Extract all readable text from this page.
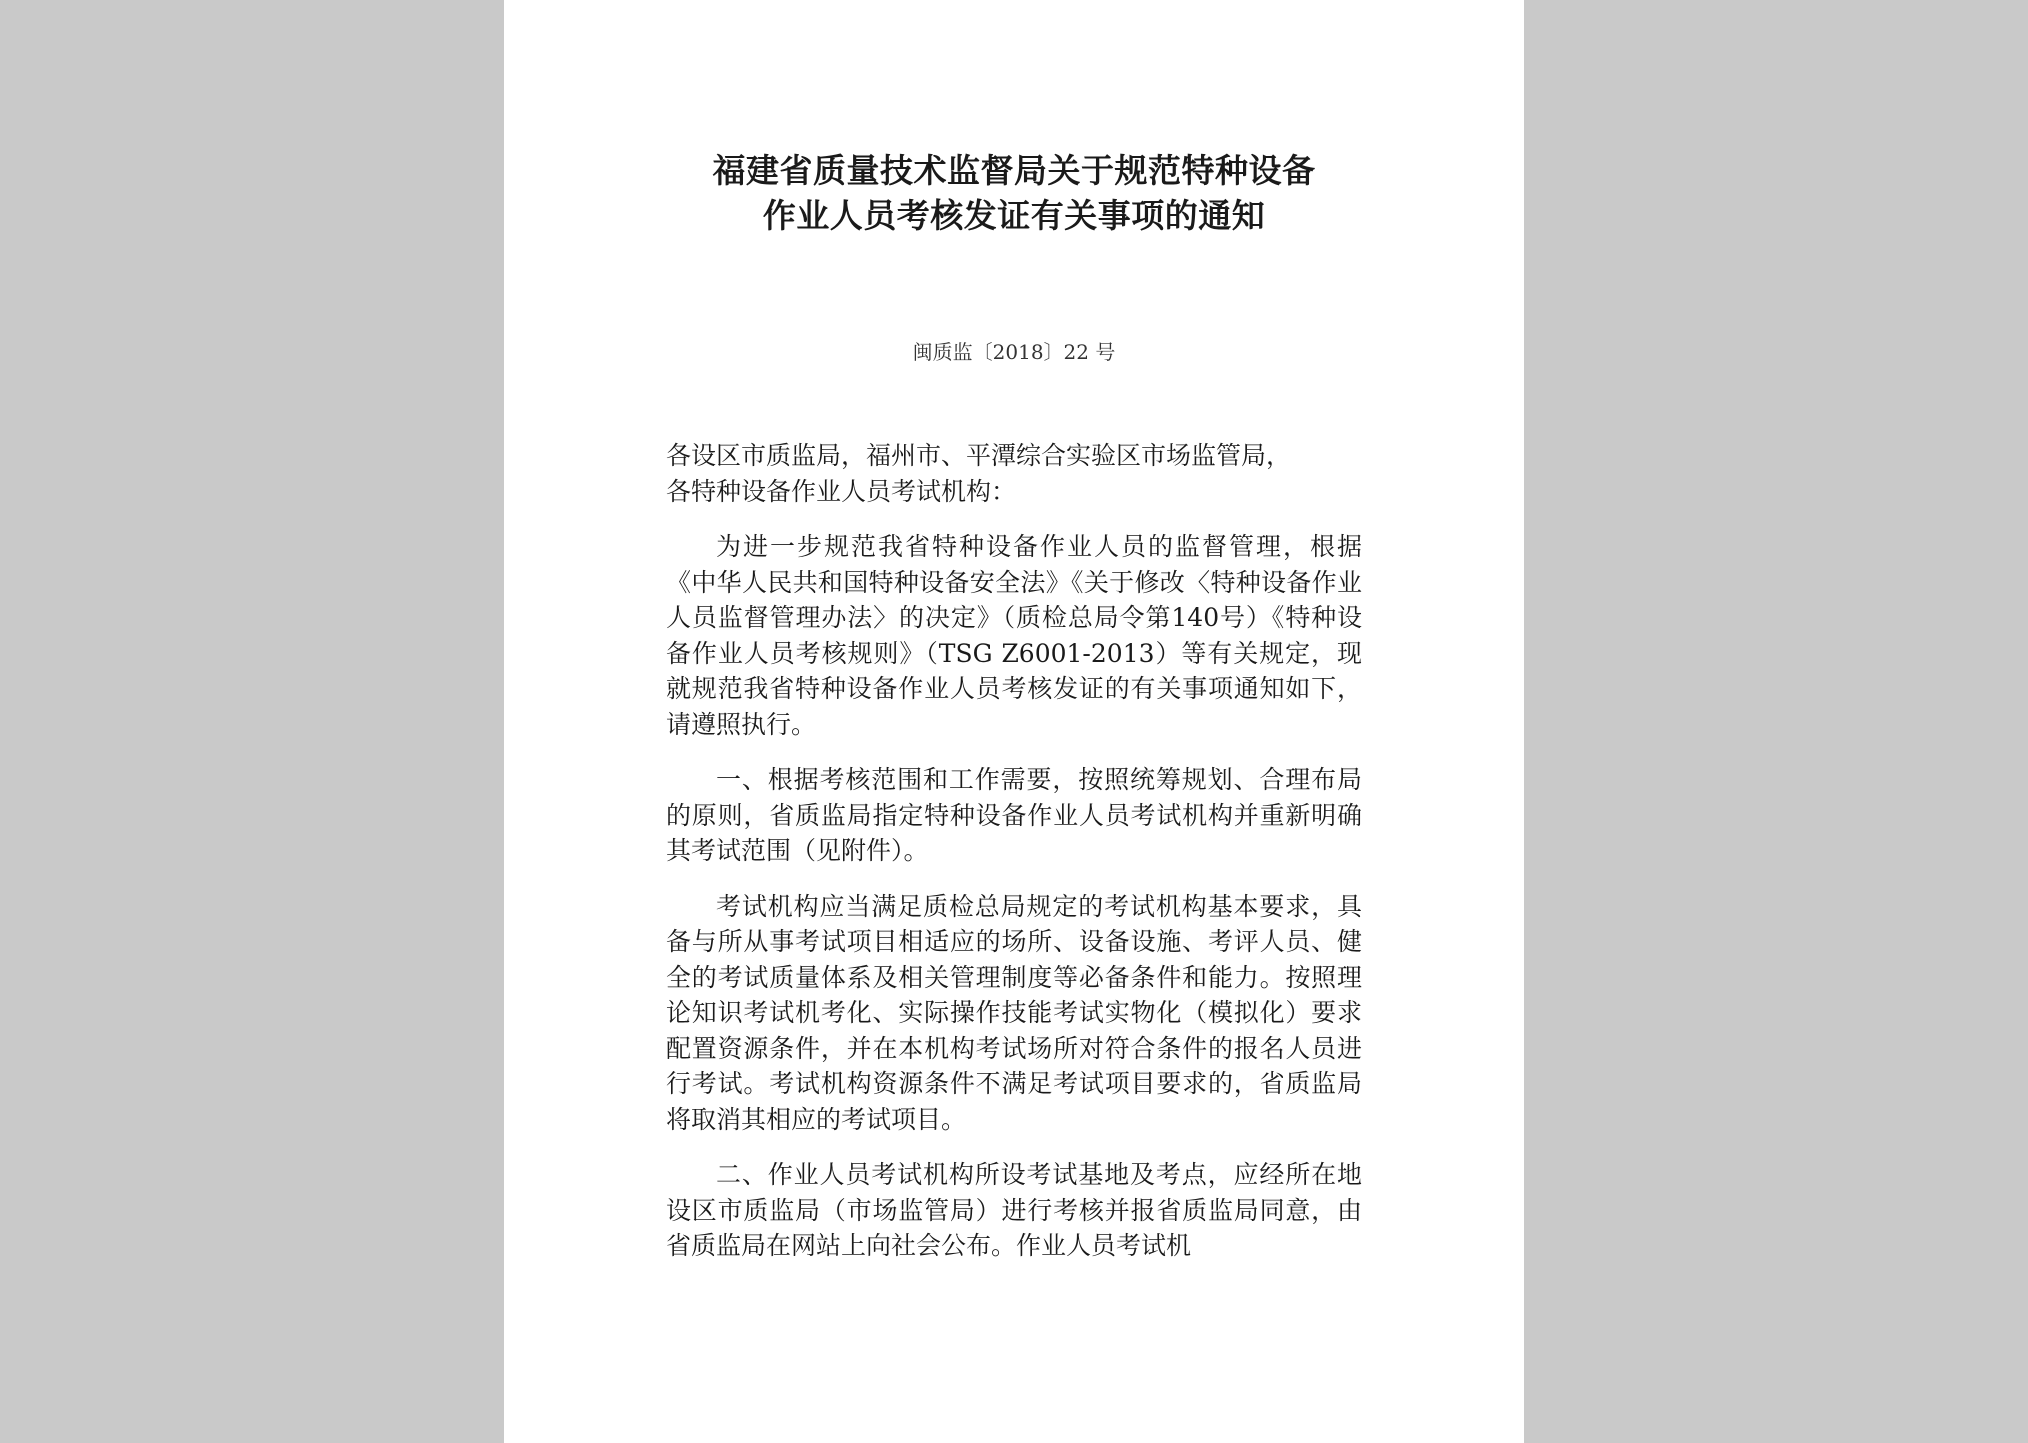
福建省质量技术监督局关于规范特种设备
作业人员考核发证有关事项的通知
闽质监〔2018〕22 号

各设区市质监局，福州市、平潭综合实验区市场监管局，

各特种设备作业人员考试机构：

为进一步规范我省特种设备作业人员的监督管理，根据《中华人民共和国特种设备安全法》《关于修改〈特种设备作业人员监督管理办法〉的决定》（质检总局令第140号）《特种设备作业人员考核规则》（TSG Z6001-2013）等有关规定，现就规范我省特种设备作业人员考核发证的有关事项通知如下，请遵照执行。

一、根据考核范围和工作需要，按照统筹规划、合理布局的原则，省质监局指定特种设备作业人员考试机构并重新明确其考试范围（见附件）。

考试机构应当满足质检总局规定的考试机构基本要求，具备与所从事考试项目相适应的场所、设备设施、考评人员、健全的考试质量体系及相关管理制度等必备条件和能力。按照理论知识考试机考化、实际操作技能考试实物化（模拟化）要求配置资源条件，并在本机构考试场所对符合条件的报名人员进行考试。考试机构资源条件不满足考试项目要求的，省质监局将取消其相应的考试项目。

二、作业人员考试机构所设考试基地及考点，应经所在地设区市质监局（市场监管局）进行考核并报省质监局同意，由省质监局在网站上向社会公布。作业人员考试机
